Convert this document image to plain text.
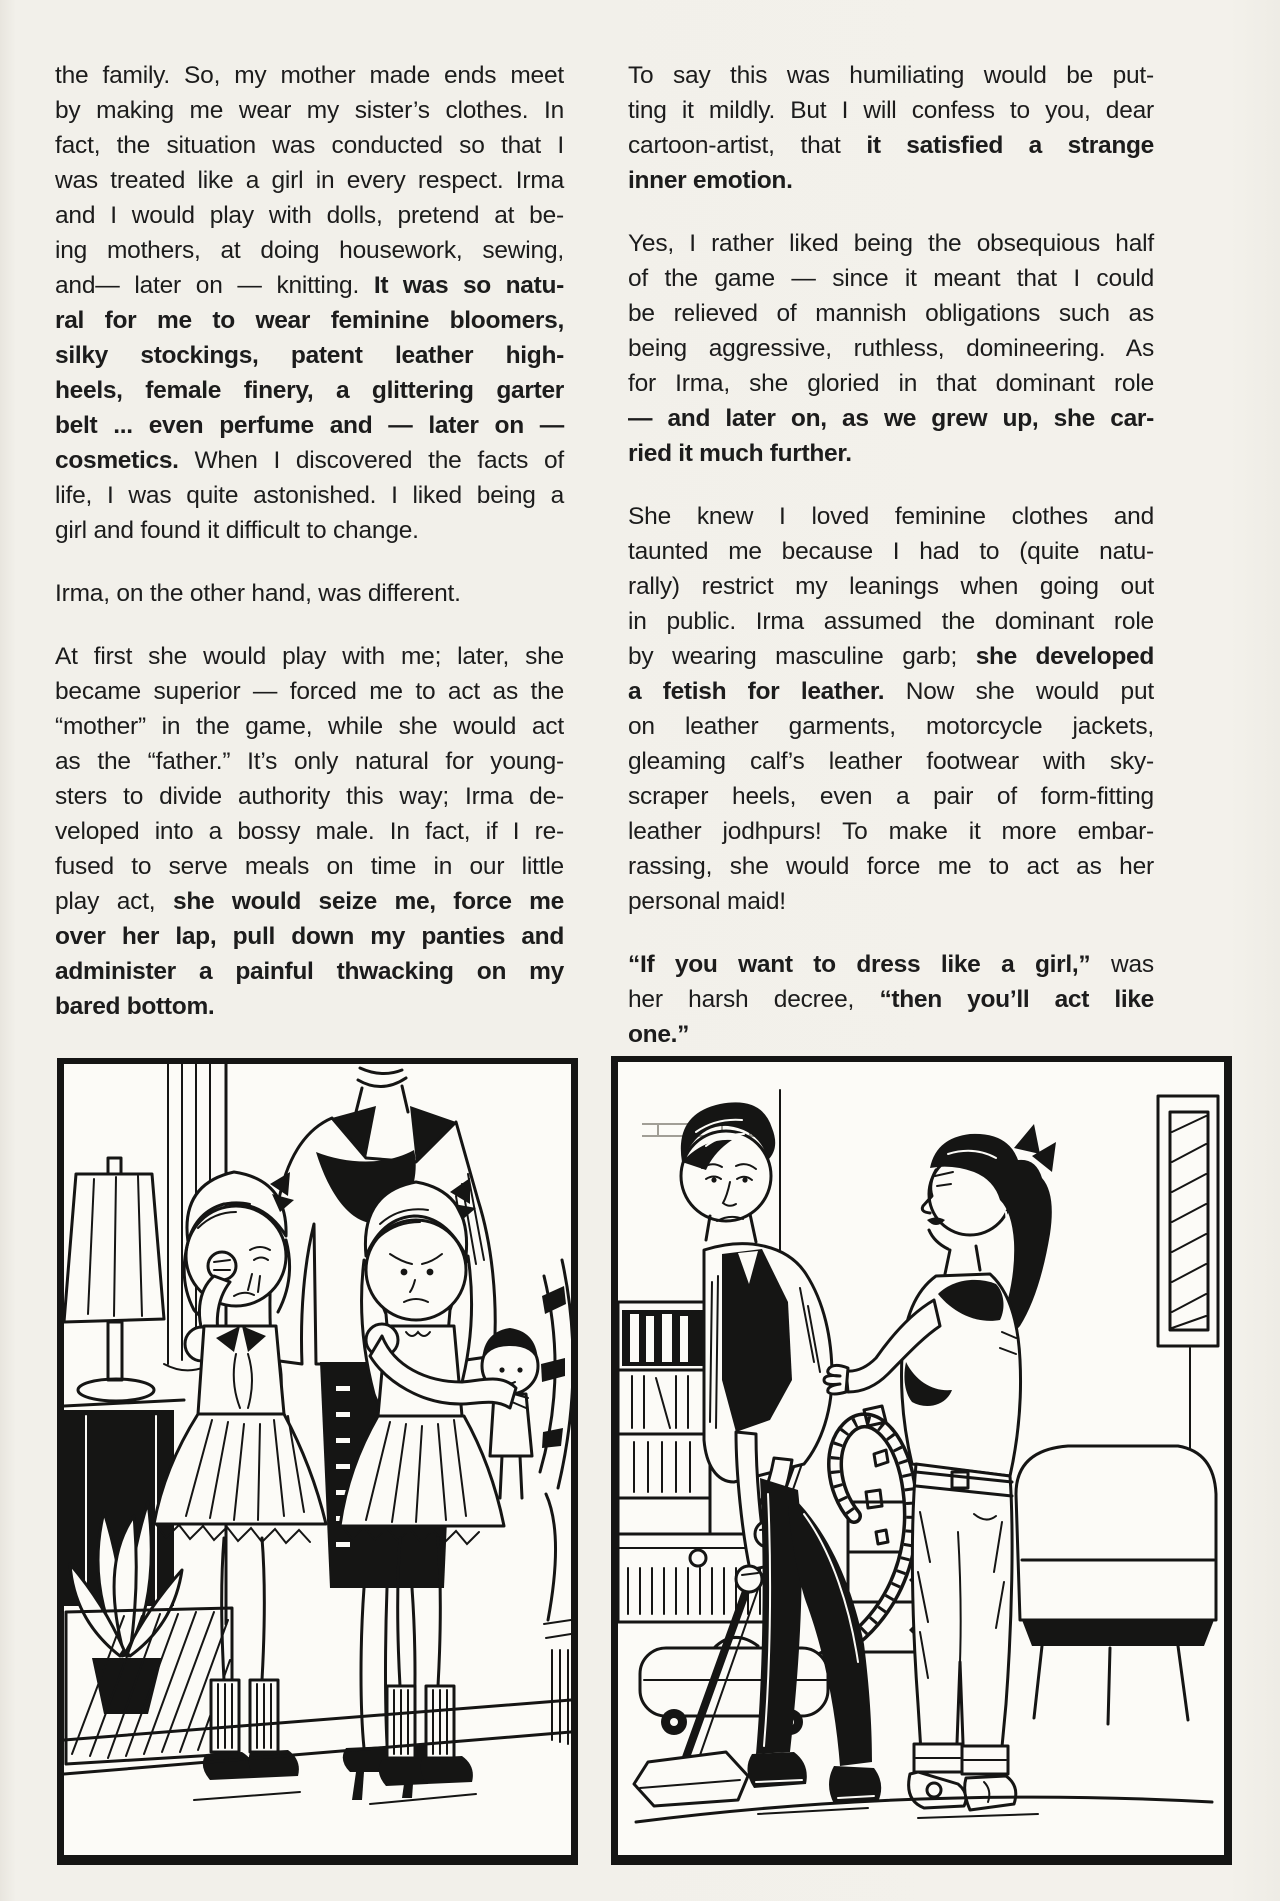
the family. So, my mother made ends meet
by making me wear my sister’s clothes. In
fact, the situation was conducted so that I
was treated like a girl in every respect. Irma
and I would play with dolls, pretend at be-
ing mothers, at doing housework, sewing,
and— later on — knitting. It was so natu-
ral for me to wear feminine bloomers,
silky stockings, patent leather high-
heels, female finery, a glittering garter
belt ... even perfume and — later on —
cosmetics. When I discovered the facts of
life, I was quite astonished. I liked being a
girl and found it difficult to change.
Irma, on the other hand, was different.
At first she would play with me; later, she
became superior — forced me to act as the
“mother” in the game, while she would act
as the “father.” It’s only natural for young-
sters to divide authority this way; Irma de-
veloped into a bossy male. In fact, if I re-
fused to serve meals on time in our little
play act, she would seize me, force me
over her lap, pull down my panties and
administer a painful thwacking on my
bared bottom.
To say this was humiliating would be put-
ting it mildly. But I will confess to you, dear
cartoon-artist, that it satisfied a strange
inner emotion.
Yes, I rather liked being the obsequious half
of the game — since it meant that I could
be relieved of mannish obligations such as
being aggressive, ruthless, domineering. As
for Irma, she gloried in that dominant role
— and later on, as we grew up, she car-
ried it much further.
She knew I loved feminine clothes and
taunted me because I had to (quite natu-
rally) restrict my leanings when going out
in public. Irma assumed the dominant role
by wearing masculine garb; she developed
a fetish for leather. Now she would put
on leather garments, motorcycle jackets,
gleaming calf’s leather footwear with sky-
scraper heels, even a pair of form-fitting
leather jodhpurs! To make it more embar-
rassing, she would force me to act as her
personal maid!
“If you want to dress like a girl,” was
her harsh decree, “then you’ll act like
one.”
